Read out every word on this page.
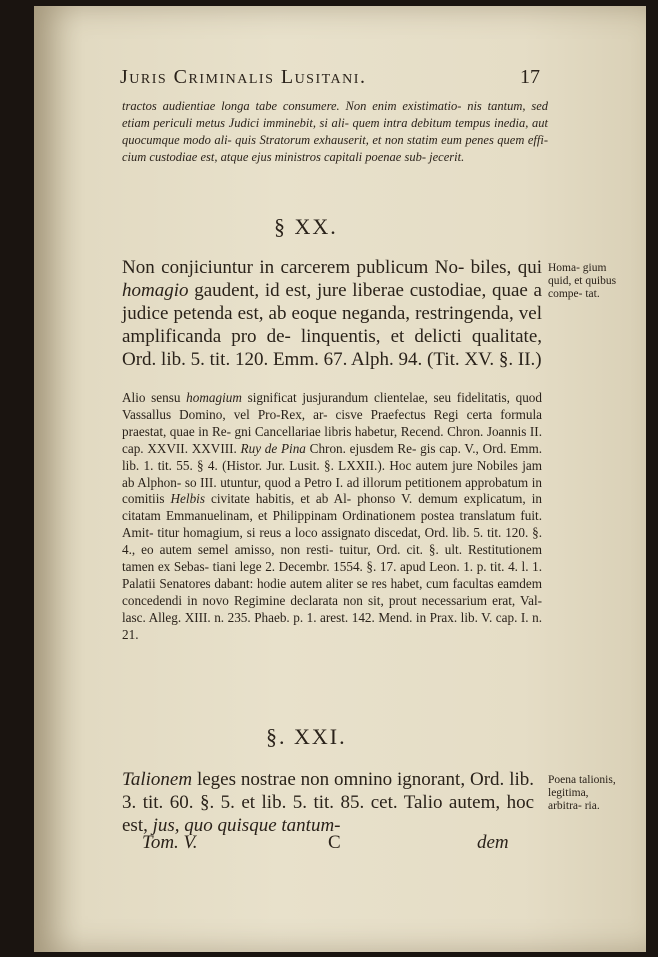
Juris Criminalis Lusitani.	17
tractos audientiae longa tabe consumere. Non enim existimatio- nis tantum, sed etiam periculi metus Judici imminebit, si ali- quem intra debitum tempus inedia, aut quocumque modo ali- quis Stratorum exhauserit, et non statim eum penes quem effi- cium custodiae est, atque ejus ministros capitali poenae sub- jecerit.
§ XX.
Non conjiciuntur in carcerem publicum No- biles, qui homagio gaudent, id est, jure liberae custodiae, quae a judice petenda est, ab eoque neganda, restringenda, vel amplificanda pro de- linquentis, et delicti qualitate, Ord. lib. 5. tit. 120. Emm. 67. Alph. 94. (Tit. XV. §. II.)
Homa- gium quid, et quibus compe- tat.
Alio sensu homagium significat jusjurandum clientelae, seu fidelitatis, quod Vassallus Domino, vel Pro-Rex, ar- cisve Praefectus Regi certa formula praestat, quae in Re- gni Cancellariae libris habetur, Recend. Chron. Joannis II. cap. XXVII. XXVIII. Ruy de Pina Chron. ejusdem Re- gis cap. V., Ord. Emm. lib. 1. tit. 55. § 4. (Histor. Jur. Lusit. §. LXXII.). Hoc autem jure Nobiles jam ab Alphon- so III. utuntur, quod a Petro I. ad illorum petitionem approbatum in comitiis Helbis civitate habitis, et ab Al- phonso V. demum explicatum, in citatam Emmanuelinam, et Philippinam Ordinationem postea translatum fuit. Amit- titur homagium, si reus a loco assignato discedat, Ord. lib. 5. tit. 120. §. 4., eo autem semel amisso, non resti- tuitur, Ord. cit. §. ult. Restitutionem tamen ex Sebas- tiani lege 2. Decembr. 1554. §. 17. apud Leon. 1. p. tit. 4. l. 1. Palatii Senatores dabant: hodie autem aliter se res habet, cum facultas eamdem concedendi in novo Regimine declarata non sit, prout necessarium erat, Val- lasc. Alleg. XIII. n. 235. Phaeb. p. 1. arest. 142. Mend. in Prax. lib. V. cap. I. n. 21.
§. XXI.
Talionem leges nostrae non omnino ignorant, Ord. lib. 3. tit. 60. §. 5. et lib. 5. tit. 85. cet. Talio autem, hoc est, jus, quo quisque tantum-
Poena talionis, legitima, arbitra- ria.
Tom. V.	C	dem
